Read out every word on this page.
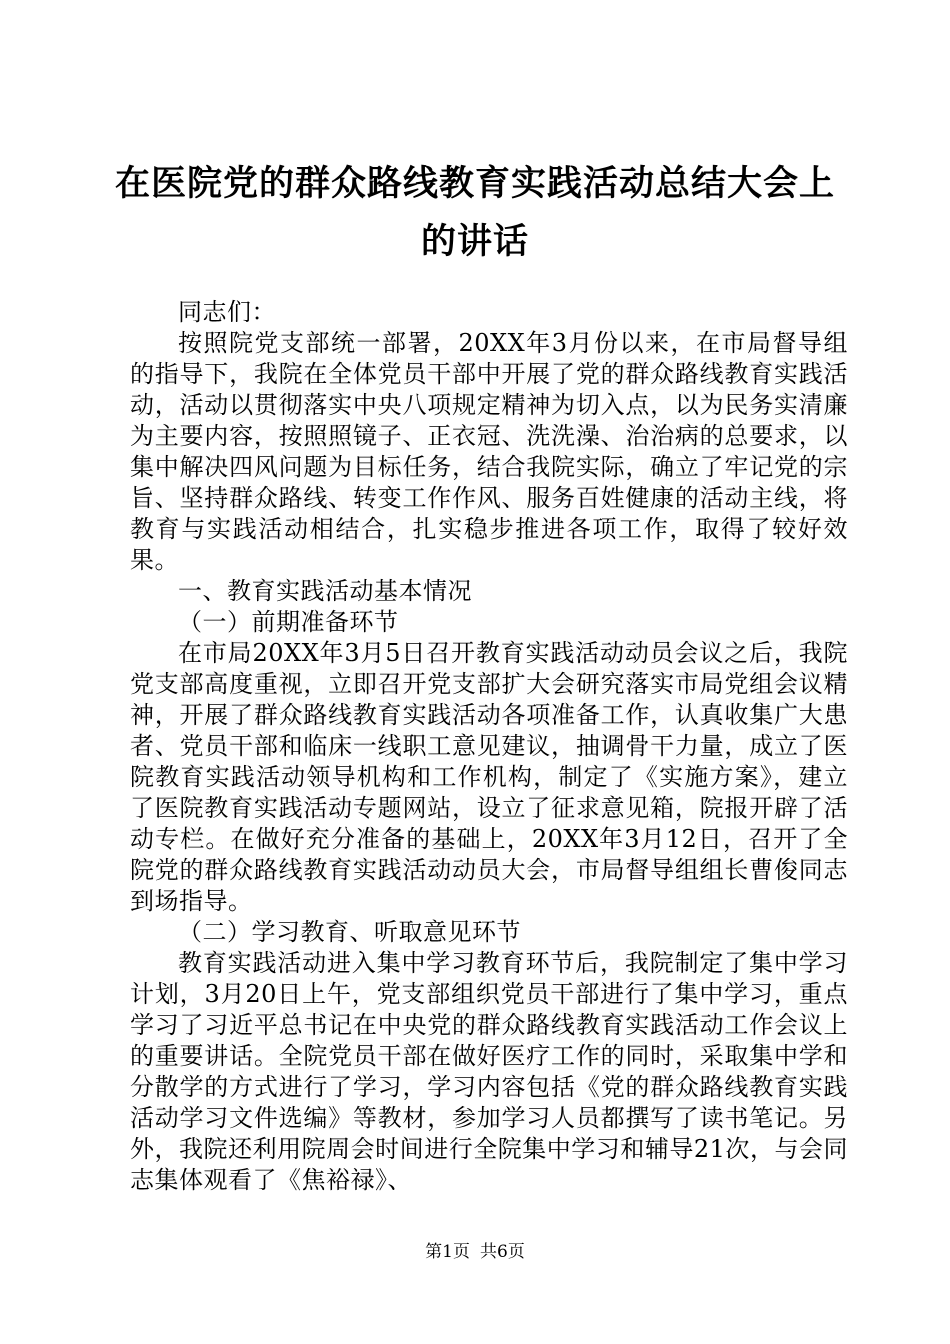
在医院党的群众路线教育实践活动总结大会上的讲话

同志们：

按照院党支部统一部署，20XX年3月份以来，在市局督导组的指导下，我院在全体党员干部中开展了党的群众路线教育实践活动，活动以贯彻落实中央八项规定精神为切入点，以为民务实清廉为主要内容，按照照镜子、正衣冠、洗洗澡、治治病的总要求，以集中解决四风问题为目标任务，结合我院实际，确立了牢记党的宗旨、坚持群众路线、转变工作作风、服务百姓健康的活动主线，将教育与实践活动相结合，扎实稳步推进各项工作，取得了较好效果。

一、教育实践活动基本情况

（一）前期准备环节

在市局20XX年3月5日召开教育实践活动动员会议之后，我院党支部高度重视，立即召开党支部扩大会研究落实市局党组会议精神，开展了群众路线教育实践活动各项准备工作，认真收集广大患者、党员干部和临床一线职工意见建议，抽调骨干力量，成立了医院教育实践活动领导机构和工作机构，制定了《实施方案》，建立了医院教育实践活动专题网站，设立了征求意见箱，院报开辟了活动专栏。在做好充分准备的基础上，20XX年3月12日，召开了全院党的群众路线教育实践活动动员大会，市局督导组组长曹俊同志到场指导。

（二）学习教育、听取意见环节

教育实践活动进入集中学习教育环节后，我院制定了集中学习计划，3月20日上午，党支部组织党员干部进行了集中学习，重点学习了习近平总书记在中央党的群众路线教育实践活动工作会议上的重要讲话。全院党员干部在做好医疗工作的同时，采取集中学和分散学的方式进行了学习，学习内容包括《党的群众路线教育实践活动学习文件选编》等教材，参加学习人员都撰写了读书笔记。另外，我院还利用院周会时间进行全院集中学习和辅导21次，与会同志集体观看了《焦裕禄》、

第1页 共6页
